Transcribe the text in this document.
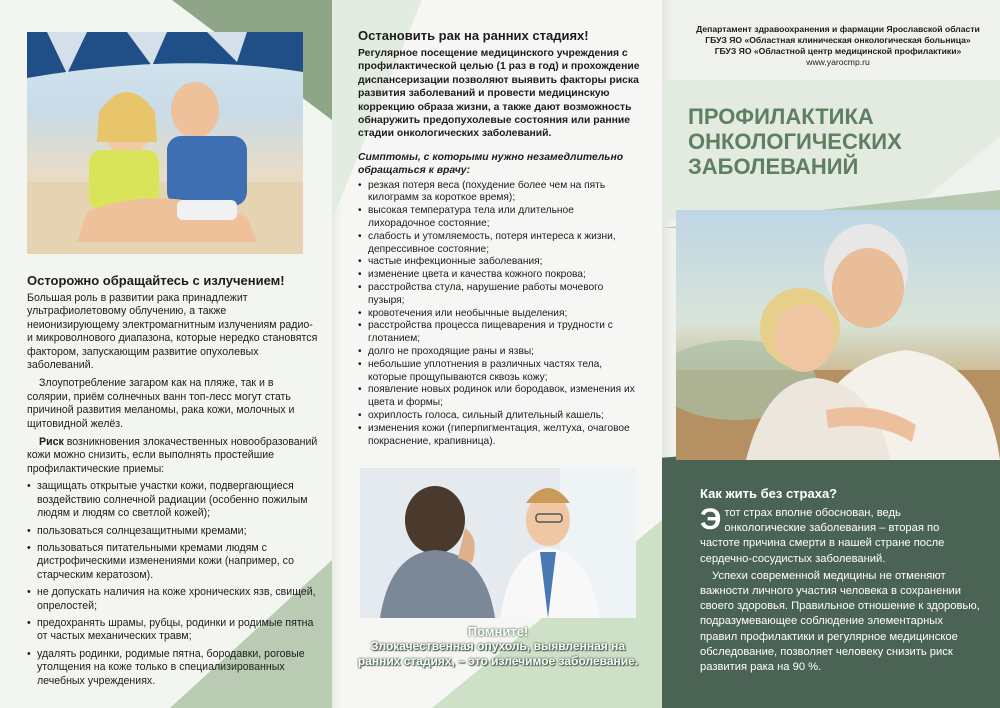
Осторожно обращайтесь с излучением!

Большая роль в развитии рака принадлежит ультрафиолетовому облучению, а также неионизирующему электромагнитным излучениям радио- и микроволнового диапазона, которые нередко становятся фактором, запускающим развитие опухолевых заболеваний.

Злоупотребление загаром как на пляже, так и в солярии, приём солнечных ванн топ-лесс могут стать причиной развития меланомы, рака кожи, молочных и щитовидной желёз.

Риск возникновения злокачественных новообразований кожи можно снизить, если выполнять простейшие профилактические приемы:

• защищать открытые участки кожи, подвергающиеся воздействию солнечной радиации (особенно пожилым людям и людям со светлой кожей);
• пользоваться солнцезащитными кремами;
• пользоваться питательными кремами людям с дистрофическими изменениями кожи (например, со старческим кератозом).
• не допускать наличия на коже хронических язв, свищей, опрелостей;
• предохранять шрамы, рубцы, родинки и родимые пятна от частых механических травм;
• удалять родинки, родимые пятна, бородавки, роговые утолщения на коже только в специализированных лечебных учреждениях.
Остановить рак на ранних стадиях!

Регулярное посещение медицинского учреждения с профилактической целью (1 раз в год) и прохождение диспансеризации позволяют выявить факторы риска развития заболеваний и провести медицинскую коррекцию образа жизни, а также дают возможность обнаружить предопухолевые состояния или ранние стадии онкологических заболеваний.

Симптомы, с которыми нужно незамедлительно обращаться к врачу:

• резкая потеря веса (похудение более чем на пять килограмм за короткое время);
• высокая температура тела или длительное лихорадочное состояние;
• слабость и утомляемость, потеря интереса к жизни, депрессивное состояние;
• частые инфекционные заболевания;
• изменение цвета и качества кожного покрова;
• расстройства стула, нарушение работы мочевого пузыря;
• кровотечения или необычные выделения;
• расстройства процесса пищеварения и трудности с глотанием;
• долго не проходящие раны и язвы;
• небольшие уплотнения в различных частях тела, которые прощупываются сквозь кожу;
• появление новых родинок или бородавок, изменения их цвета и формы;
• охриплость голоса, сильный длительный кашель;
• изменения кожи (гиперпигментация, желтуха, очаговое покраснение, крапивница).

Помните!

Злокачественная опухоль, выявленная на ранних стадиях, – это излечимое заболевание.

Департамент здравоохранения и фармации Ярославской области
ГБУЗ ЯО «Областная клиническая онкологическая больница»
ГБУЗ ЯО «Областной центр медицинской профилактики»
www.yarocmp.ru
ПРОФИЛАКТИКА
ОНКОЛОГИЧЕСКИХ
ЗАБОЛЕВАНИЙ
Как жить без страха?

Этот страх вполне обоснован, ведь онкологические заболевания – вторая по частоте причина смерти в нашей стране после сердечно-сосудистых заболеваний.

Успехи современной медицины не отменяют важности личного участия человека в сохранении своего здоровья. Правильное отношение к здоровью, подразумевающее соблюдение элементарных правил профилактики и регулярное медицинское обследование, позволяет человеку снизить риск развития рака на 90 %.
